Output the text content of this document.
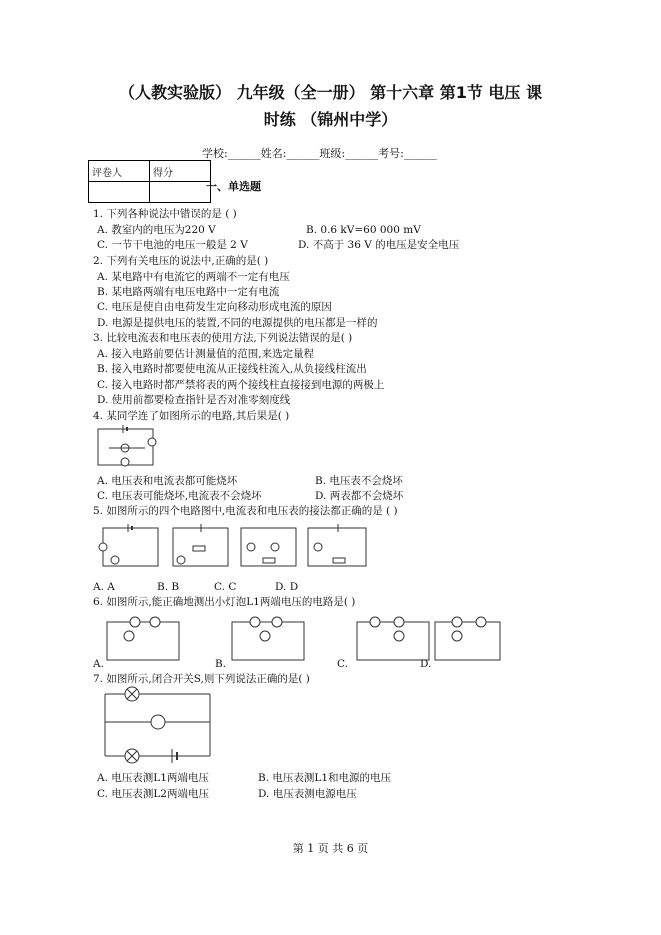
（人教实验版） 九年级（全一册） 第十六章 第1节 电压 课
时练 （锦州中学）
学校:______姓名:______班级:______考号:______
评卷人	得分

一、单选题
1. 下列各种说法中错误的是 ( )
A. 教室内的电压为220 V	B. 0.6 kV=60 000 mV
C. 一节干电池的电压一般是 2 V	D. 不高于 36 V 的电压是安全电压
2. 下列有关电压的说法中,正确的是( )
A. 某电路中有电流它的两端不一定有电压
B. 某电路两端有电压电路中一定有电流
C. 电压是使自由电荷发生定向移动形成电流的原因
D. 电源是提供电压的装置,不同的电源提供的电压都是一样的
3. 比较电流表和电压表的使用方法,下列说法错误的是( )
A. 接入电路前要估计测量值的范围,来选定量程
B. 接入电路时都要使电流从正接线柱流入,从负接线柱流出
C. 接入电路时都严禁将表的两个接线柱直接接到电源的两极上
D. 使用前都要检查指针是否对准零刻度线
4. 某同学连了如图所示的电路,其后果是( )
A. 电压表和电流表都可能烧坏	B. 电压表不会烧坏
C. 电压表可能烧坏,电流表不会烧坏	D. 两表都不会烧坏
5. 如图所示的四个电路图中,电流表和电压表的接法都正确的是 ( )
A. A	B. B	C. C	D. D
6. 如图所示,能正确地测出小灯泡L1两端电压的电路是( )
A.	B.	C.	D.
7. 如图所示,闭合开关S,则下列说法正确的是( )
A. 电压表测L1两端电压	B. 电压表测L1和电源的电压
C. 电压表测L2两端电压	D. 电压表测电源电压
第 1 页 共 6 页
